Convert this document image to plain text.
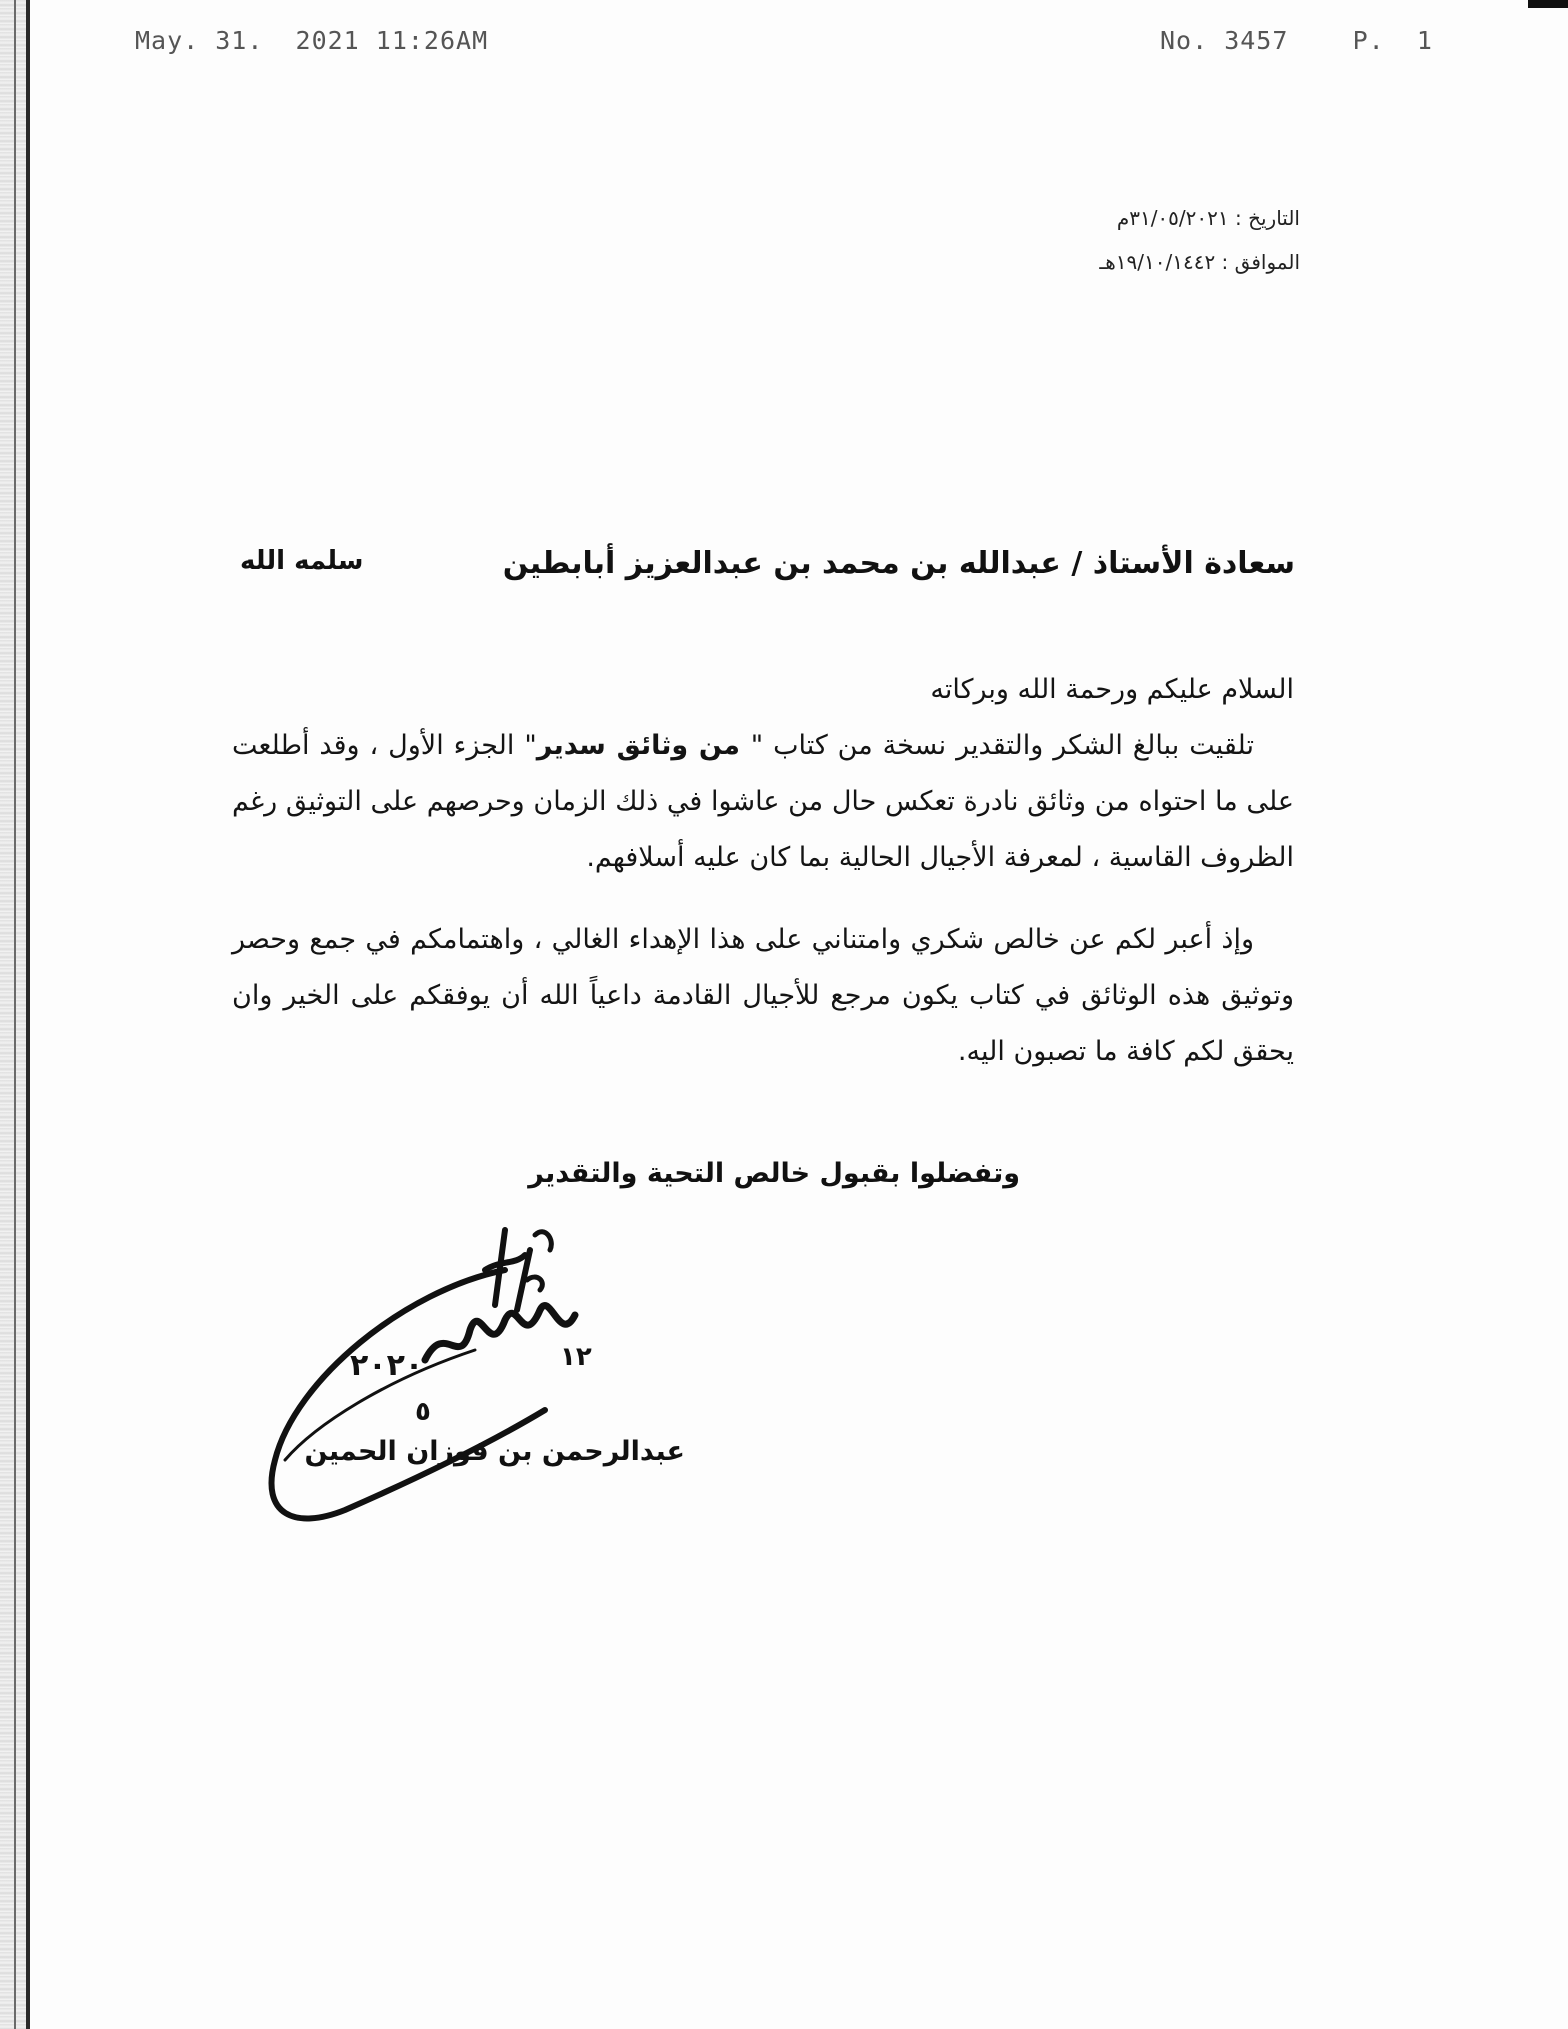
May. 31.  2021 11:26AM	No. 3457    P.  1
التاريخ : ٣١/٠٥/٢٠٢١م
الموافق : ١٩/١٠/١٤٤٢هـ
سعادة الأستاذ / عبدالله بن محمد بن عبدالعزيز أبابطين
سلمه الله

السلام عليكم ورحمة الله وبركاته

تلقيت ببالغ الشكر والتقدير نسخة من كتاب " من وثائق سدير" الجزء الأول ، وقد أطلعت على ما احتواه من وثائق نادرة تعكس حال من عاشوا في ذلك الزمان وحرصهم على التوثيق رغم الظروف القاسية ، لمعرفة الأجيال الحالية بما كان عليه أسلافهم.

وإذ أعبر لكم عن خالص شكري وامتناني على هذا الإهداء الغالي ، واهتمامكم في جمع وحصر وتوثيق هذه الوثائق في كتاب يكون مرجع للأجيال القادمة داعياً الله أن يوفقكم على الخير وان يحقق لكم كافة ما تصبون اليه.

وتفضلوا بقبول خالص التحية والتقدير
٢٠٢٠
٥
١٢
عبدالرحمن بن فوزان الحمين
